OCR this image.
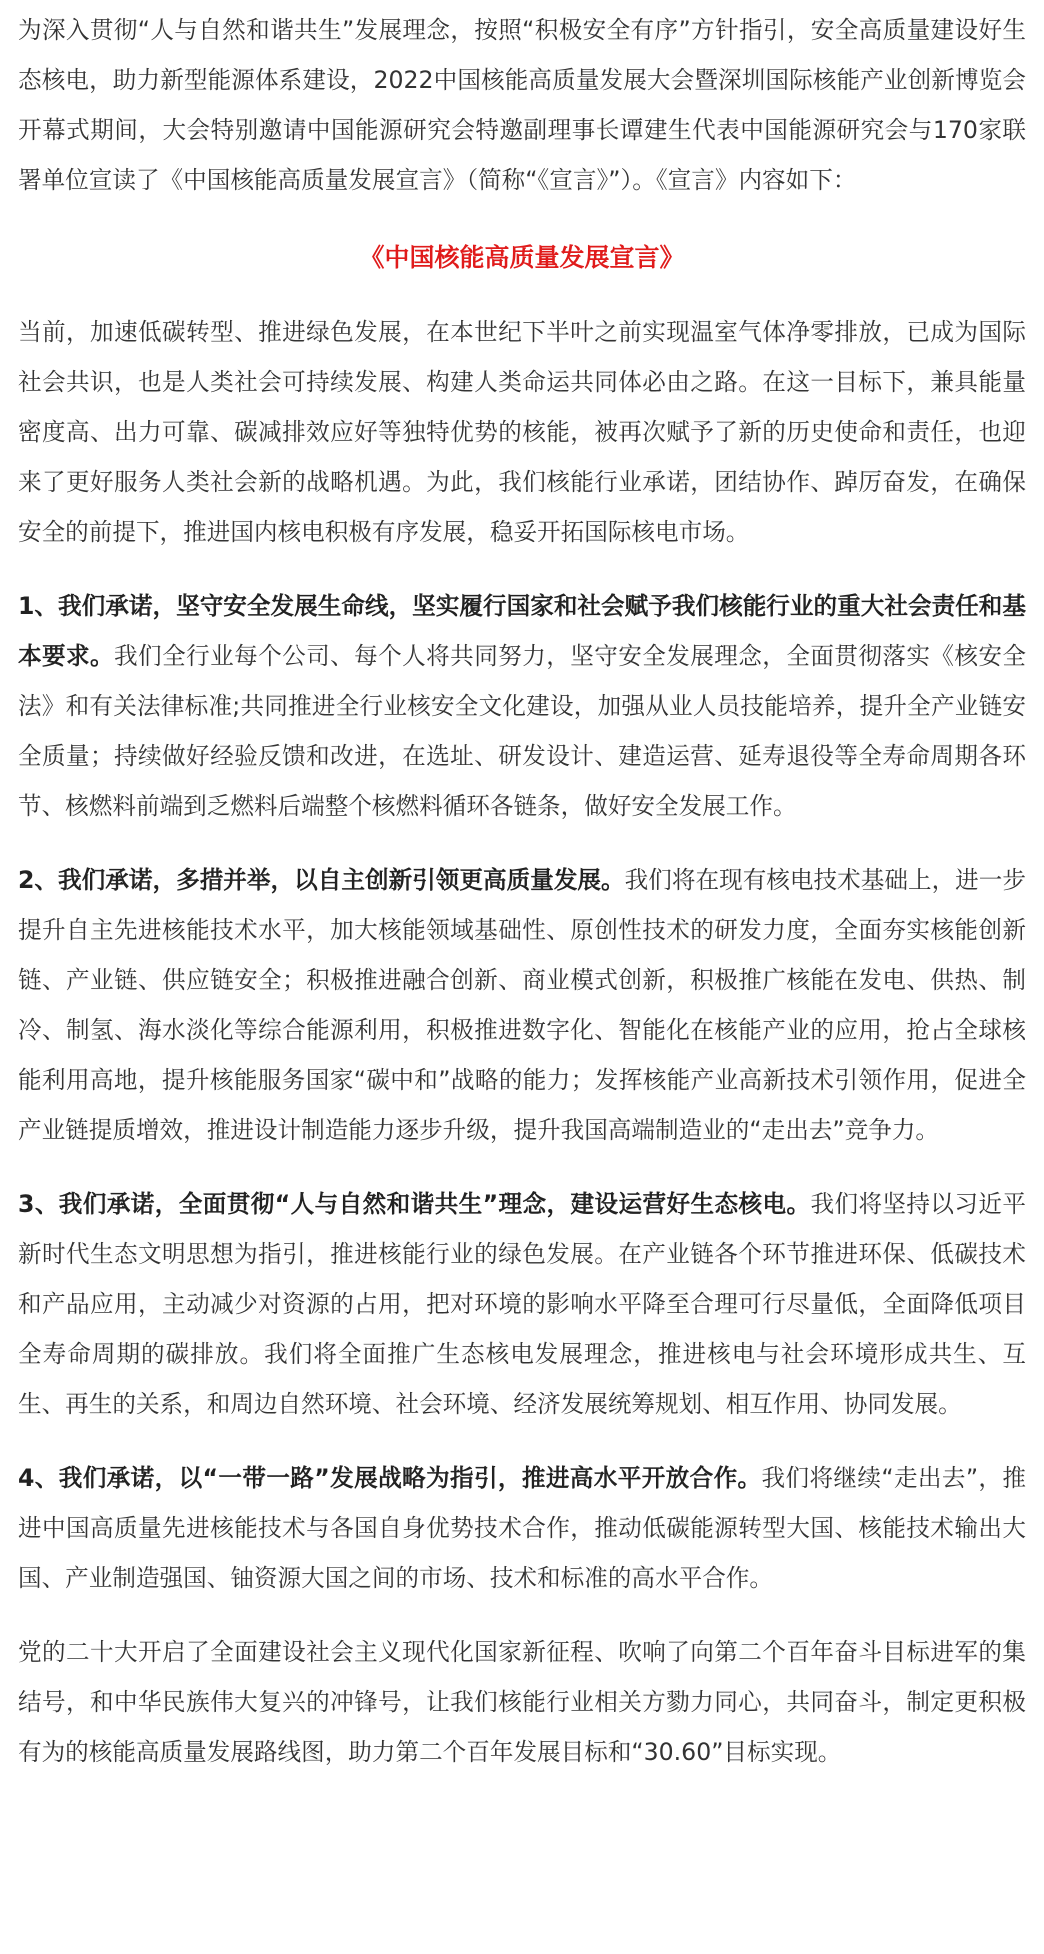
为深入贯彻“人与自然和谐共生”发展理念，按照“积极安全有序”方针指引，安全高质量建设好生态核电，助力新型能源体系建设，2022中国核能高质量发展大会暨深圳国际核能产业创新博览会开幕式期间，大会特别邀请中国能源研究会特邀副理事长谭建生代表中国能源研究会与170家联署单位宣读了《中国核能高质量发展宣言》（简称“《宣言》”）。《宣言》内容如下：

《中国核能高质量发展宣言》

当前，加速低碳转型、推进绿色发展，在本世纪下半叶之前实现温室气体净零排放，已成为国际社会共识，也是人类社会可持续发展、构建人类命运共同体必由之路。在这一目标下，兼具能量密度高、出力可靠、碳减排效应好等独特优势的核能，被再次赋予了新的历史使命和责任，也迎来了更好服务人类社会新的战略机遇。为此，我们核能行业承诺，团结协作、踔厉奋发，在确保安全的前提下，推进国内核电积极有序发展，稳妥开拓国际核电市场。

1、我们承诺，坚守安全发展生命线，坚实履行国家和社会赋予我们核能行业的重大社会责任和基本要求。我们全行业每个公司、每个人将共同努力，坚守安全发展理念，全面贯彻落实《核安全法》和有关法律标准;共同推进全行业核安全文化建设，加强从业人员技能培养，提升全产业链安全质量；持续做好经验反馈和改进，在选址、研发设计、建造运营、延寿退役等全寿命周期各环节、核燃料前端到乏燃料后端整个核燃料循环各链条，做好安全发展工作。

2、我们承诺，多措并举，以自主创新引领更高质量发展。我们将在现有核电技术基础上，进一步提升自主先进核能技术水平，加大核能领域基础性、原创性技术的研发力度，全面夯实核能创新链、产业链、供应链安全；积极推进融合创新、商业模式创新，积极推广核能在发电、供热、制冷、制氢、海水淡化等综合能源利用，积极推进数字化、智能化在核能产业的应用，抢占全球核能利用高地，提升核能服务国家“碳中和”战略的能力；发挥核能产业高新技术引领作用，促进全产业链提质增效，推进设计制造能力逐步升级，提升我国高端制造业的“走出去”竞争力。

3、我们承诺，全面贯彻“人与自然和谐共生”理念，建设运营好生态核电。我们将坚持以习近平新时代生态文明思想为指引，推进核能行业的绿色发展。在产业链各个环节推进环保、低碳技术和产品应用，主动减少对资源的占用，把对环境的影响水平降至合理可行尽量低，全面降低项目全寿命周期的碳排放。我们将全面推广生态核电发展理念，推进核电与社会环境形成共生、互生、再生的关系，和周边自然环境、社会环境、经济发展统筹规划、相互作用、协同发展。

4、我们承诺，以“一带一路”发展战略为指引，推进高水平开放合作。我们将继续“走出去”，推进中国高质量先进核能技术与各国自身优势技术合作，推动低碳能源转型大国、核能技术输出大国、产业制造强国、铀资源大国之间的市场、技术和标准的高水平合作。

党的二十大开启了全面建设社会主义现代化国家新征程、吹响了向第二个百年奋斗目标进军的集结号，和中华民族伟大复兴的冲锋号，让我们核能行业相关方勠力同心，共同奋斗，制定更积极有为的核能高质量发展路线图，助力第二个百年发展目标和“30.60”目标实现。
